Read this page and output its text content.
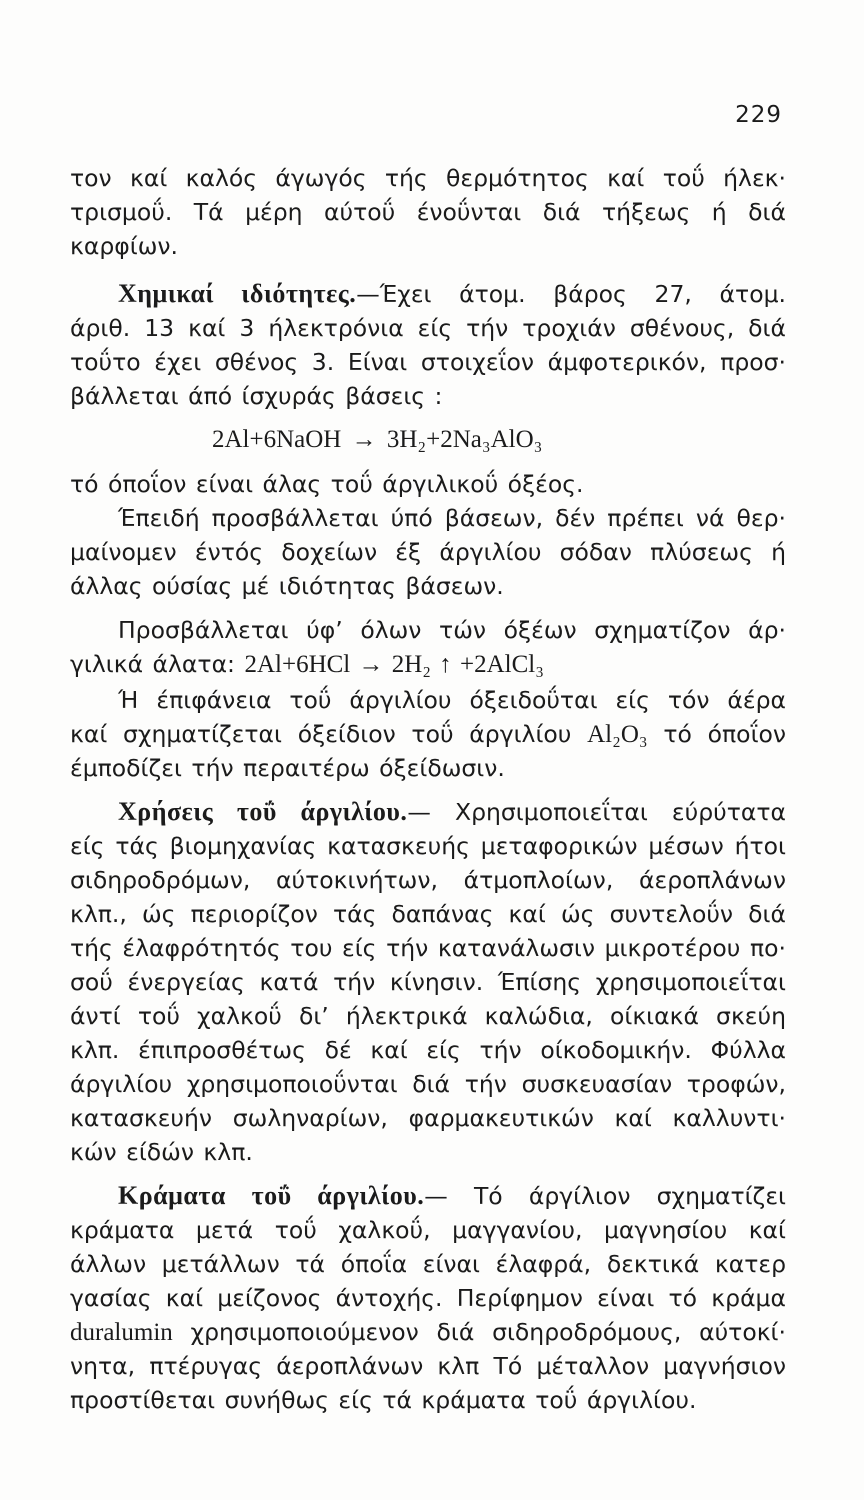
229
τον καί καλός άγωγός τής θερμότητος καί τοΰ ήλεκ·
τρισμοΰ. Τά μέρη αύτοΰ ένοΰνται διά τήξεως ή διά
καρφίων.
Χημικαί ιδιότητες.—Έχει άτομ. βάρος 27, άτομ.
άριθ. 13 καί 3 ήλεκτρόνια είς τήν τροχιάν σθένους, διά
τοΰτο έχει σθένος 3. Είναι στοιχεΐον άμφοτερικόν, προσ·
βάλλεται άπό ίσχυράς βάσεις :
2Al+6NaOH → 3H₂+2Na₃AlO₃
τό όποΐον είναι άλας τοΰ άργιλικοΰ όξέος.
Έπειδή προσβάλλεται ύπό βάσεων, δέν πρέπει νά θερ·
μαίνομεν έντός δοχείων έξ άργιλίου σόδαν πλύσεως ή
άλλας ούσίας μέ ιδιότητας βάσεων.
Προσβάλλεται ύφ’ όλων τών όξέων σχηματίζον άρ·
γιλικά άλατα: 2Al+6HCl → 2H₂ ↑ +2AlCl₃
Ή έπιφάνεια τοΰ άργιλίου όξειδοΰται είς τόν άέρα
καί σχηματίζεται όξείδιον τοΰ άργιλίου Al₂O₃ τό όποΐον
έμποδίζει τήν περαιτέρω όξείδωσιν.
Χρήσεις τοΰ άργιλίου.— Χρησιμοποιεΐται εύρύτατα
είς τάς βιομηχανίας κατασκευής μεταφορικών μέσων ήτοι
σιδηροδρόμων, αύτοκινήτων, άτμοπλοίων, άεροπλάνων
κλπ., ώς περιορίζον τάς δαπάνας καί ώς συντελοΰν διά
τής έλαφρότητός του είς τήν κατανάλωσιν μικροτέρου πο·
σοΰ ένεργείας κατά τήν κίνησιν. Έπίσης χρησιμοποιεΐται
άντί τοΰ χαλκοΰ δι’ ήλεκτρικά καλώδια, οίκιακά σκεύη
κλπ. έπιπροσθέτως δέ καί είς τήν οίκοδομικήν. Φύλλα
άργιλίου χρησιμοποιοΰνται διά τήν συσκευασίαν τροφών,
κατασκευήν σωληναρίων, φαρμακευτικών καί καλλυντι·
κών είδών κλπ.
Κράματα τοΰ άργιλίου.— Τό άργίλιον σχηματίζει
κράματα μετά τοΰ χαλκοΰ, μαγγανίου, μαγνησίου καί
άλλων μετάλλων τά όποΐα είναι έλαφρά, δεκτικά κατερ
γασίας καί μείζονος άντοχής. Περίφημον είναι τό κράμα
duralumin χρησιμοποιούμενον διά σιδηροδρόμους, αύτοκί·
νητα, πτέρυγας άεροπλάνων κλπ Τό μέταλλον μαγνήσιον
προστίθεται συνήθως είς τά κράματα τοΰ άργιλίου.
